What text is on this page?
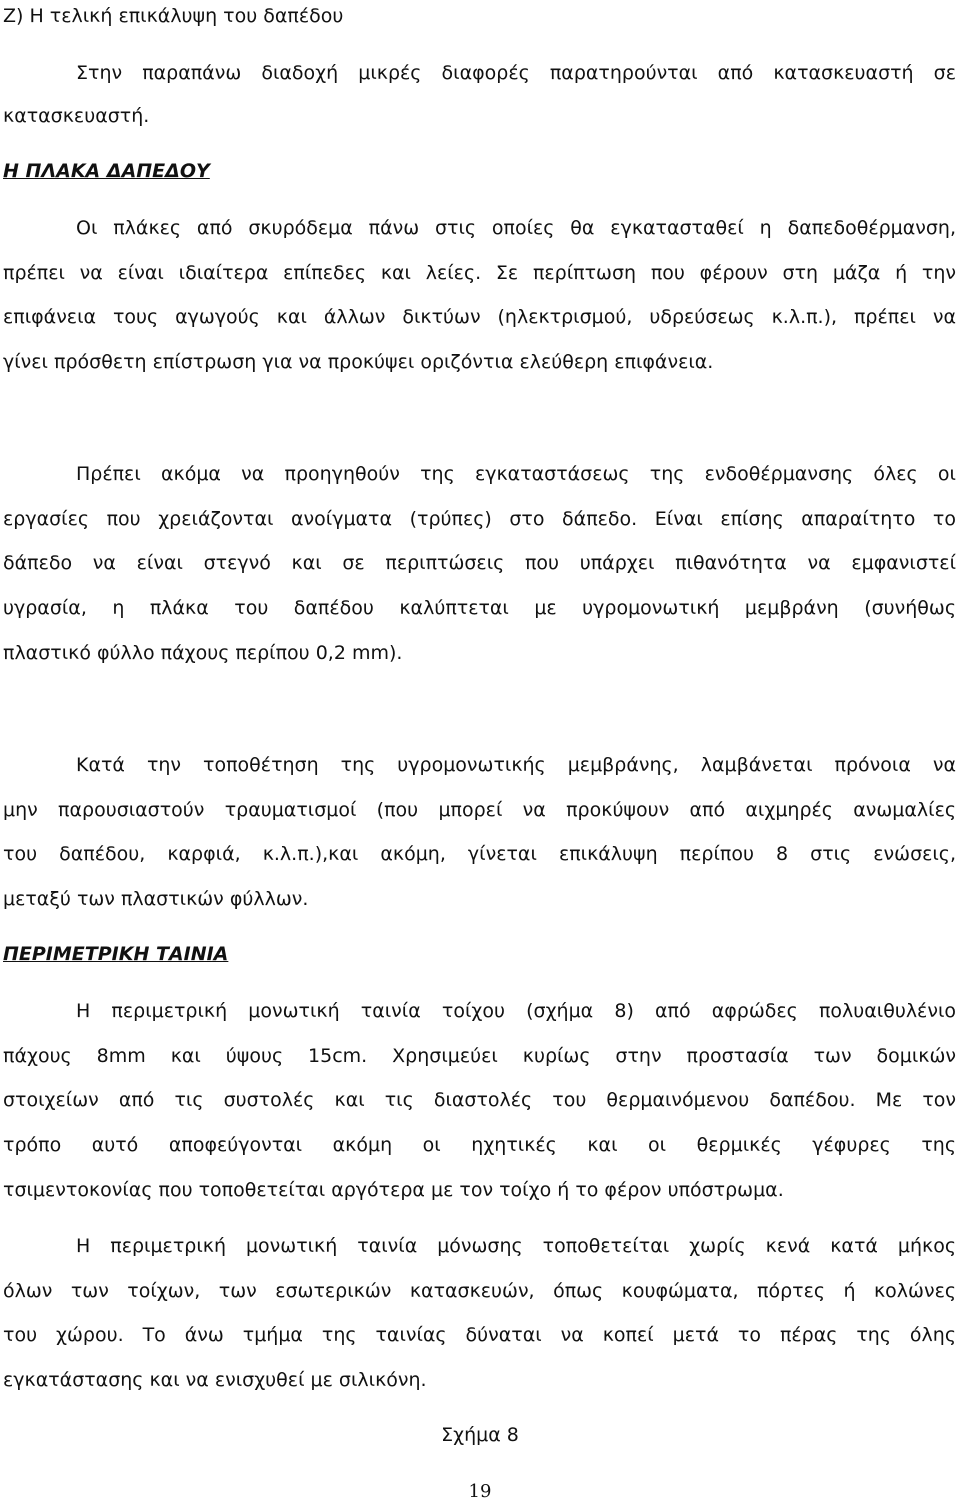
Ζ) Η τελική επικάλυψη του δαπέδου

Στην παραπάνω διαδοχή μικρές διαφορές παρατηρούνται από κατασκευαστή σε

κατασκευαστή.

Η ΠΛΑΚΑ ΔΑΠΕΔΟΥ

Οι πλάκες από σκυρόδεμα πάνω στις οποίες θα εγκατασταθεί η δαπεδοθέρμανση,

πρέπει να είναι ιδιαίτερα επίπεδες και λείες. Σε περίπτωση που φέρουν στη μάζα ή την

επιφάνεια τους αγωγούς και άλλων δικτύων (ηλεκτρισμού, υδρεύσεως κ.λ.π.), πρέπει να

γίνει πρόσθετη επίστρωση για να προκύψει οριζόντια ελεύθερη επιφάνεια.

Πρέπει ακόμα να προηγηθούν της εγκαταστάσεως της ενδοθέρμανσης όλες οι

εργασίες που χρειάζονται ανοίγματα (τρύπες) στο δάπεδο. Είναι επίσης απαραίτητο το

δάπεδο να είναι στεγνό και σε περιπτώσεις που υπάρχει πιθανότητα να εμφανιστεί

υγρασία, η πλάκα του δαπέδου καλύπτεται με υγρομονωτική μεμβράνη (συνήθως

πλαστικό φύλλο πάχους περίπου 0,2 mm).

Κατά την τοποθέτηση της υγρομονωτικής μεμβράνης, λαμβάνεται πρόνοια να

μην παρουσιαστούν τραυματισμοί (που μπορεί να προκύψουν από αιχμηρές ανωμαλίες

του δαπέδου, καρφιά, κ.λ.π.),και ακόμη, γίνεται επικάλυψη περίπου 8 στις ενώσεις,

μεταξύ των πλαστικών φύλλων.

ΠΕΡΙΜΕΤΡΙΚΗ ΤΑΙΝΙΑ

Η περιμετρική μονωτική ταινία τοίχου (σχήμα 8) από αφρώδες πολυαιθυλένιο

πάχους 8mm και ύψους 15cm. Χρησιμεύει κυρίως στην προστασία των δομικών

στοιχείων από τις συστολές και τις διαστολές του θερμαινόμενου δαπέδου. Με τον

τρόπο αυτό αποφεύγονται ακόμη οι ηχητικές και οι θερμικές γέφυρες της

τσιμεντοκονίας που τοποθετείται αργότερα με τον τοίχο ή το φέρον υπόστρωμα.

Η περιμετρική μονωτική ταινία μόνωσης τοποθετείται χωρίς κενά κατά μήκος

όλων των τοίχων, των εσωτερικών κατασκευών, όπως κουφώματα, πόρτες ή κολώνες

του χώρου. Το άνω τμήμα της ταινίας δύναται να κοπεί μετά το πέρας της όλης

εγκατάστασης και να ενισχυθεί με σιλικόνη.

Σχήμα 8

19
